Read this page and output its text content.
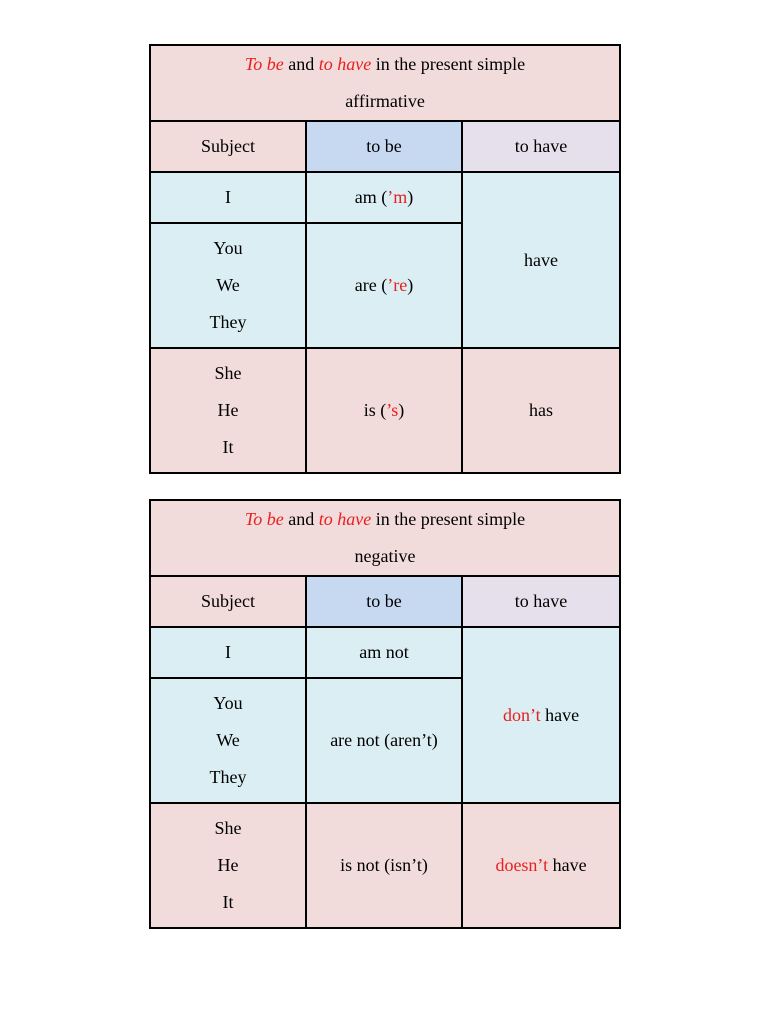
To be and to have in the present simple
affirmative		

Subject	to be	to have
I	am (’m)	have

You
We
They	are (’re)	

She
He
It	is (’s)	has
To be and to have in the present simple
negative		

Subject	to be	to have
I	am not	don’t have

You
We
They	are not (aren’t)	

She
He
It	is not (isn’t)	doesn’t have
